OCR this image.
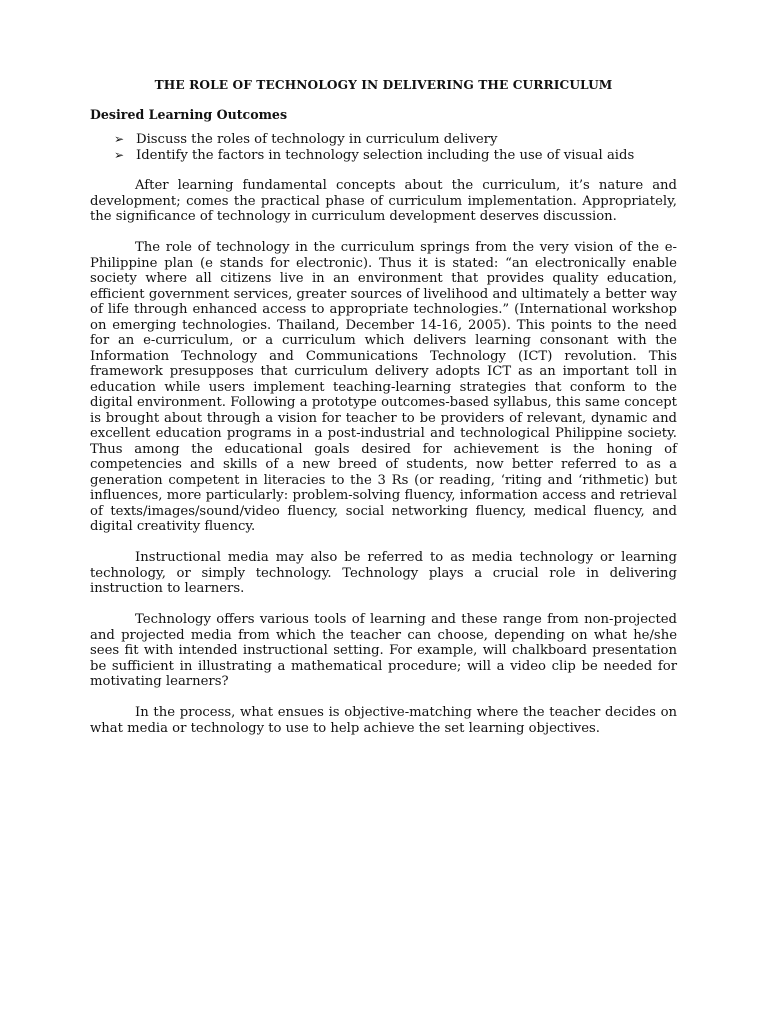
THE ROLE OF TECHNOLOGY IN DELIVERING THE CURRICULUM
Desired Learning Outcomes
➢ Discuss the roles of technology in curriculum delivery
➢ Identify the factors in technology selection including the use of visual aids

After learning fundamental concepts about the curriculum, it’s nature and development; comes the practical phase of curriculum implementation. Appropriately, the significance of technology in curriculum development deserves discussion.

The role of technology in the curriculum springs from the very vision of the e-Philippine plan (e stands for electronic). Thus it is stated: “an electronically enable society where all citizens live in an environment that provides quality education, efficient government services, greater sources of livelihood and ultimately a better way of life through enhanced access to appropriate technologies.” (International workshop on emerging technologies. Thailand, December 14-16, 2005). This points to the need for an e-curriculum, or a curriculum which delivers learning consonant with the Information Technology and Communications Technology (ICT) revolution. This framework presupposes that curriculum delivery adopts ICT as an important toll in education while users implement teaching-learning strategies that conform to the digital environment. Following a prototype outcomes-based syllabus, this same concept is brought about through a vision for teacher to be providers of relevant, dynamic and excellent education programs in a post-industrial and technological Philippine society. Thus among the educational goals desired for achievement is the honing of competencies and skills of a new breed of students, now better referred to as a generation competent in literacies to the 3 Rs (or reading, ‘riting and ‘rithmetic) but influences, more particularly: problem-solving fluency, information access and retrieval of texts/images/sound/video fluency, social networking fluency, medical fluency, and digital creativity fluency.

Instructional media may also be referred to as media technology or learning technology, or simply technology. Technology plays a crucial role in delivering instruction to learners.

Technology offers various tools of learning and these range from non-projected and projected media from which the teacher can choose, depending on what he/she sees fit with intended instructional setting. For example, will chalkboard presentation be sufficient in illustrating a mathematical procedure; will a video clip be needed for motivating learners?

In the process, what ensues is objective-matching where the teacher decides on what media or technology to use to help achieve the set learning objectives.
